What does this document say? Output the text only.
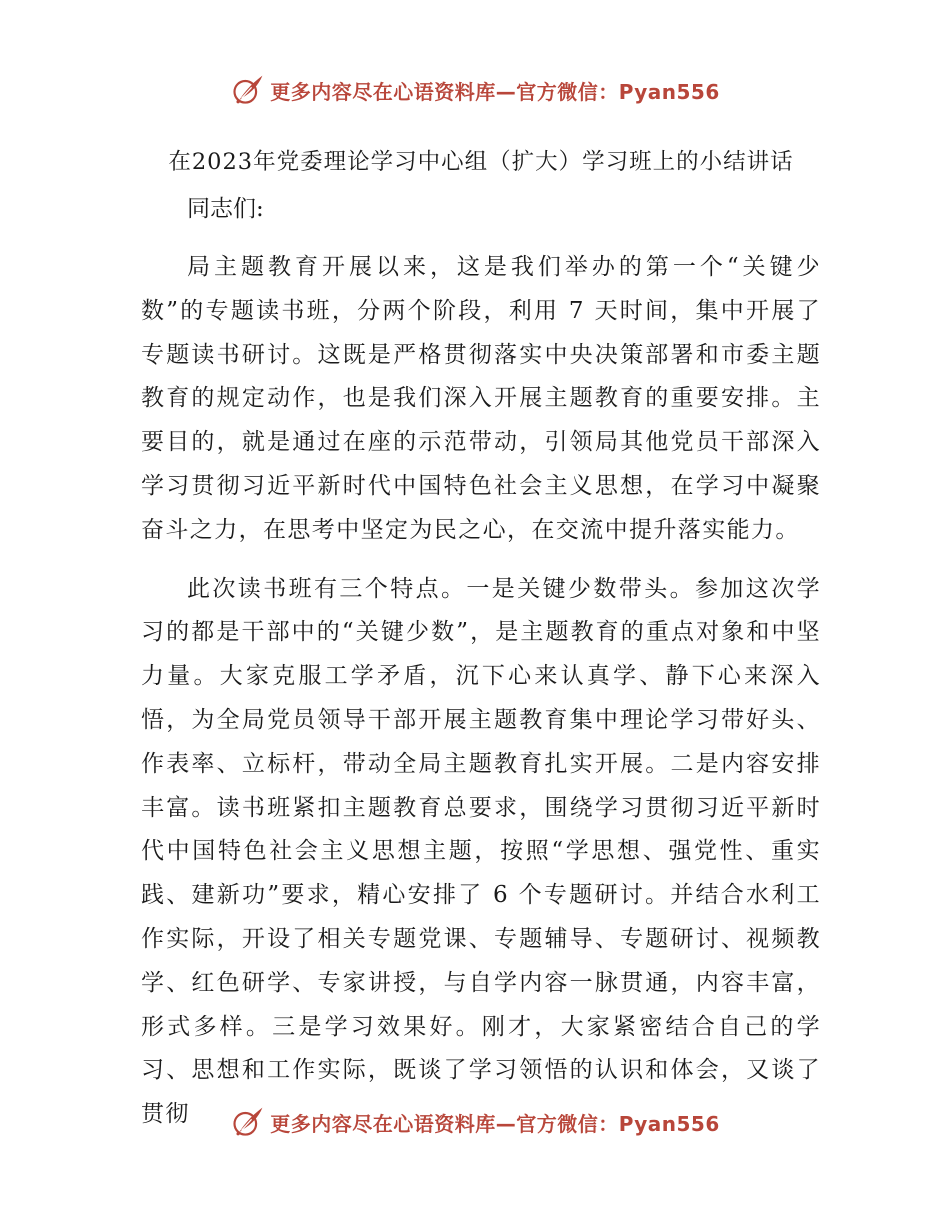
更多内容尽在心语资料库—官方微信：Pyan556
在2023年党委理论学习中心组（扩大）学习班上的小结讲话

同志们:

局主题教育开展以来，这是我们举办的第一个“关键少数”的专题读书班，分两个阶段，利用 7 天时间，集中开展了专题读书研讨。这既是严格贯彻落实中央决策部署和市委主题教育的规定动作，也是我们深入开展主题教育的重要安排。主要目的，就是通过在座的示范带动，引领局其他党员干部深入学习贯彻习近平新时代中国特色社会主义思想，在学习中凝聚奋斗之力，在思考中坚定为民之心，在交流中提升落实能力。

此次读书班有三个特点。一是关键少数带头。参加这次学习的都是干部中的“关键少数”，是主题教育的重点对象和中坚力量。大家克服工学矛盾，沉下心来认真学、静下心来深入悟，为全局党员领导干部开展主题教育集中理论学习带好头、作表率、立标杆，带动全局主题教育扎实开展。二是内容安排丰富。读书班紧扣主题教育总要求，围绕学习贯彻习近平新时代中国特色社会主义思想主题，按照“学思想、强党性、重实践、建新功”要求，精心安排了 6 个专题研讨。并结合水利工作实际，开设了相关专题党课、专题辅导、专题研讨、视频教学、红色研学、专家讲授，与自学内容一脉贯通，内容丰富，形式多样。三是学习效果好。刚才，大家紧密结合自己的学习、思想和工作实际，既谈了学习领悟的认识和体会，又谈了贯彻	更多内容尽在心语资料库—官方微信：Pyan556
